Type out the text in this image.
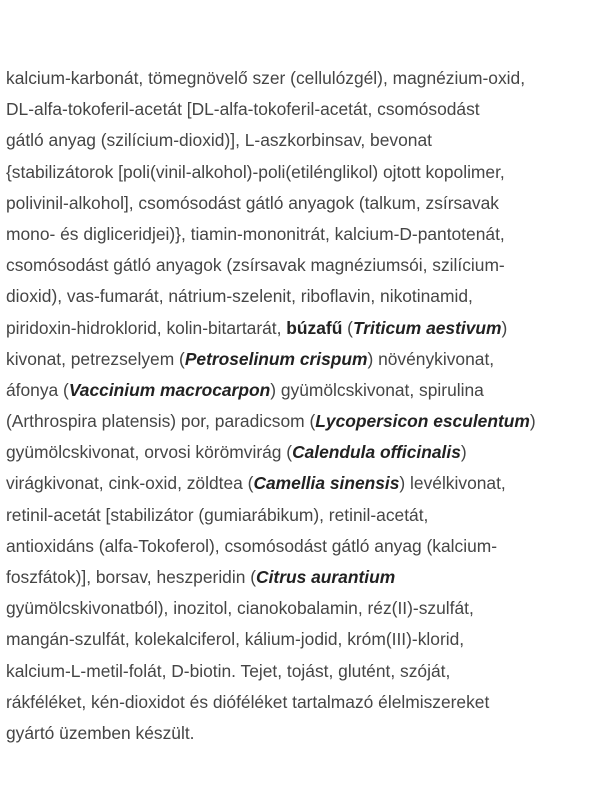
kalcium-karbonát, tömegnövelő szer (cellulózgél), magnézium-oxid,
DL-alfa-tokoferil-acetát [DL-alfa-tokoferil-acetát, csomósodást
gátló anyag (szilícium-dioxid)], L-aszkorbinsav, bevonat
{stabilizátorok [poli(vinil-alkohol)-poli(etilénglikol) ojtott kopolimer,
polivinil-alkohol], csomósodást gátló anyagok (talkum, zsírsavak
mono- és digliceridjei)}, tiamin-mononitrát, kalcium-D-pantotenát,
csomósodást gátló anyagok (zsírsavak magnéziumsói, szilícium-
dioxid), vas-fumarát, nátrium-szelenit, riboflavin, nikotinamid,
piridoxin-hidroklorid, kolin-bitartarát, búzafű (Triticum aestivum)
kivonat, petrezselyem (Petroselinum crispum) növénykivonat,
áfonya (Vaccinium macrocarpon) gyümölcskivonat, spirulina
(Arthrospira platensis) por, paradicsom (Lycopersicon esculentum)
gyümölcskivonat, orvosi körömvirág (Calendula officinalis)
virágkivonat, cink-oxid, zöldtea (Camellia sinensis) levélkivonat,
retinil-acetát [stabilizátor (gumiarábikum), retinil-acetát,
antioxidáns (alfa-Tokoferol), csomósodást gátló anyag (kalcium-
foszfátok)], borsav, heszperidin (Citrus aurantium
gyümölcskivonatból), inozitol, cianokobalamin, réz(II)-szulfát,
mangán-szulfát, kolekalciferol, kálium-jodid, króm(III)-klorid,
kalcium-L-metil-folát, D-biotin. Tejet, tojást, glutént, szóját,
rákféléket, kén-dioxidot és dióféléket tartalmazó élelmiszereket
gyártó üzemben készült.
